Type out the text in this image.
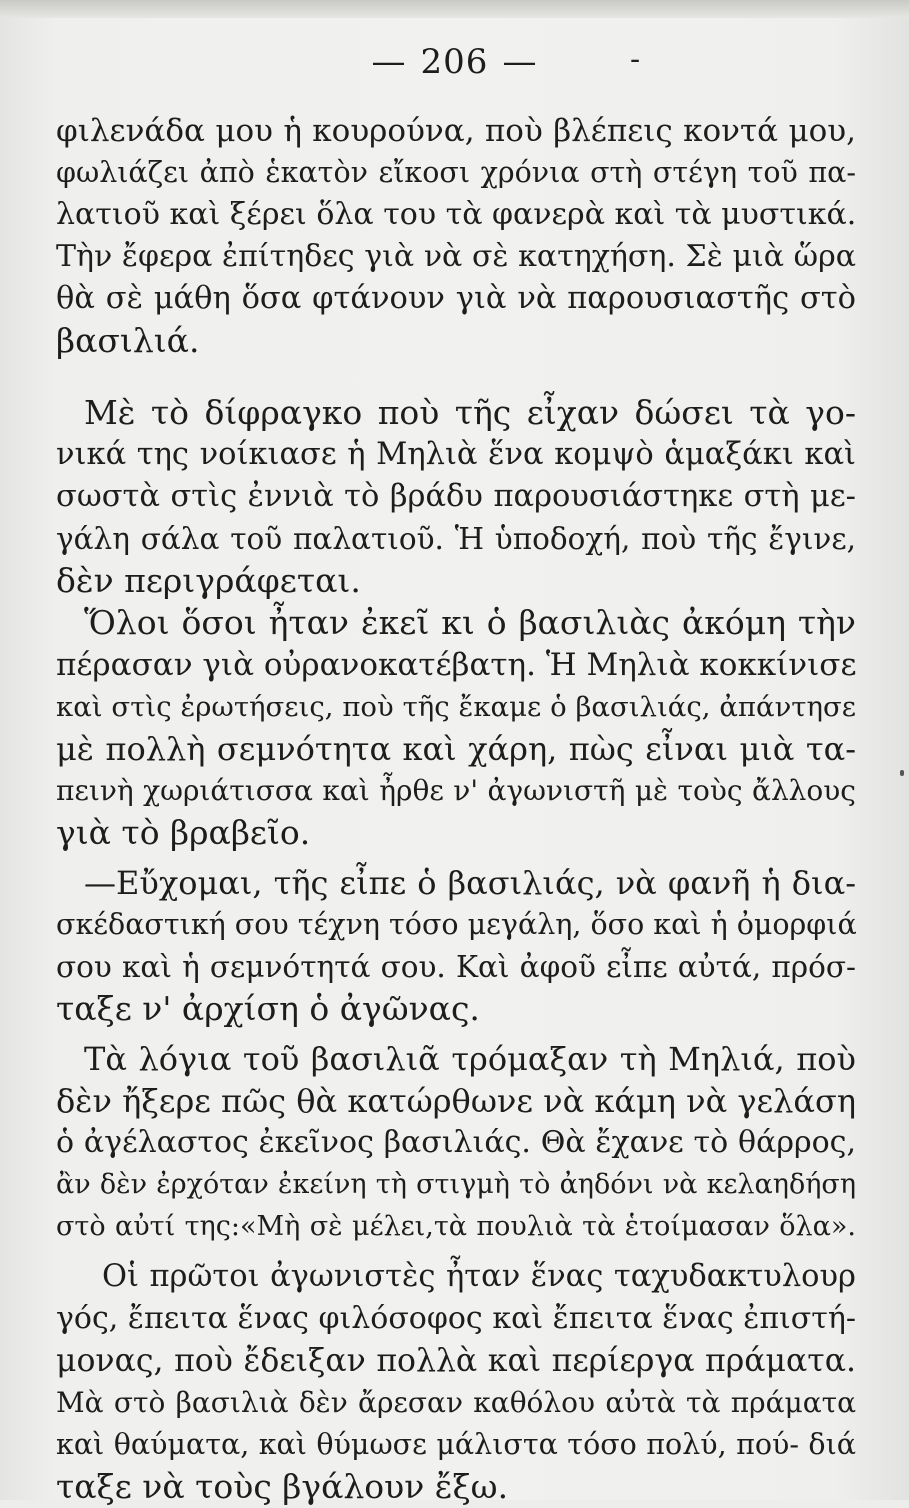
— 206 —	-
φιλενάδα μου ἡ κουρούνα, ποὺ βλέπεις κοντά μου,
φωλιάζει ἀπὸ ἑκατὸν εἴκοσι χρόνια στὴ στέγη τοῦ πα-
λατιοῦ καὶ ξέρει ὅλα του τὰ φανερὰ καὶ τὰ μυστικά.
Τὴν ἔφερα ἐπίτηδες γιὰ νὰ σὲ κατηχήση. Σὲ μιὰ ὥρα
θὰ σὲ μάθη ὅσα φτάνουν γιὰ νὰ παρουσιαστῆς στὸ
βασιλιά.
Μὲ τὸ δίφραγκο ποὺ τῆς εἶχαν δώσει τὰ γο-
νικά της νοίκιασε ἡ Μηλιὰ ἕνα κομψὸ ἁμαξάκι καὶ
σωστὰ στὶς ἐννιὰ τὸ βράδυ παρουσιάστηκε στὴ με-
γάλη σάλα τοῦ παλατιοῦ. Ἡ ὑποδοχή, ποὺ τῆς ἔγινε,
δὲν περιγράφεται.
Ὅλοι ὅσοι ἦταν ἐκεῖ κι ὁ βασιλιὰς ἀκόμη τὴν
πέρασαν γιὰ οὐρανοκατέβατη. Ἡ Μηλιὰ κοκκίνισε
καὶ στὶς ἐρωτήσεις, ποὺ τῆς ἔκαμε ὁ βασιλιάς, ἀπάντησε
μὲ πολλὴ σεμνότητα καὶ χάρη, πὼς εἶναι μιὰ τα-
πεινὴ χωριάτισσα καὶ ἦρθε ν' ἀγωνιστῆ μὲ τοὺς ἄλλους
γιὰ τὸ βραβεῖο.
—Εὔχομαι, τῆς εἶπε ὁ βασιλιάς, νὰ φανῆ ἡ δια-
σκέδαστική σου τέχνη τόσο μεγάλη, ὅσο καὶ ἡ ὀμορφιά
σου καὶ ἡ σεμνότητά σου. Καὶ ἀφοῦ εἶπε αὐτά, πρόσ-
ταξε ν' ἀρχίση ὁ ἀγῶνας.
Τὰ λόγια τοῦ βασιλιᾶ τρόμαξαν τὴ Μηλιά, ποὺ
δὲν ἤξερε πῶς θὰ κατώρθωνε νὰ κάμη νὰ γελάση
ὁ ἀγέλαστος ἐκεῖνος βασιλιάς. Θὰ ἔχανε τὸ θάρρος,
ἂν δὲν ἐρχόταν ἐκείνη τὴ στιγμὴ τὸ ἀηδόνι νὰ κελαηδήση
στὸ αὐτί της:«Μὴ σὲ μέλει,τὰ πουλιὰ τὰ ἑτοίμασαν ὅλα».
Οἱ πρῶτοι ἀγωνιστὲς ἦταν ἕνας ταχυδακτυλουρ
γός, ἔπειτα ἕνας φιλόσοφος καὶ ἔπειτα ἕνας ἐπιστή-
μονας, ποὺ ἔδειξαν πολλὰ καὶ περίεργα πράματα.
Μὰ στὸ βασιλιὰ δὲν ἄρεσαν καθόλου αὐτὰ τὰ πράματα
καὶ θαύματα, καὶ θύμωσε μάλιστα τόσο πολύ, πού- διά
ταξε νὰ τοὺς βγάλουν ἔξω.
